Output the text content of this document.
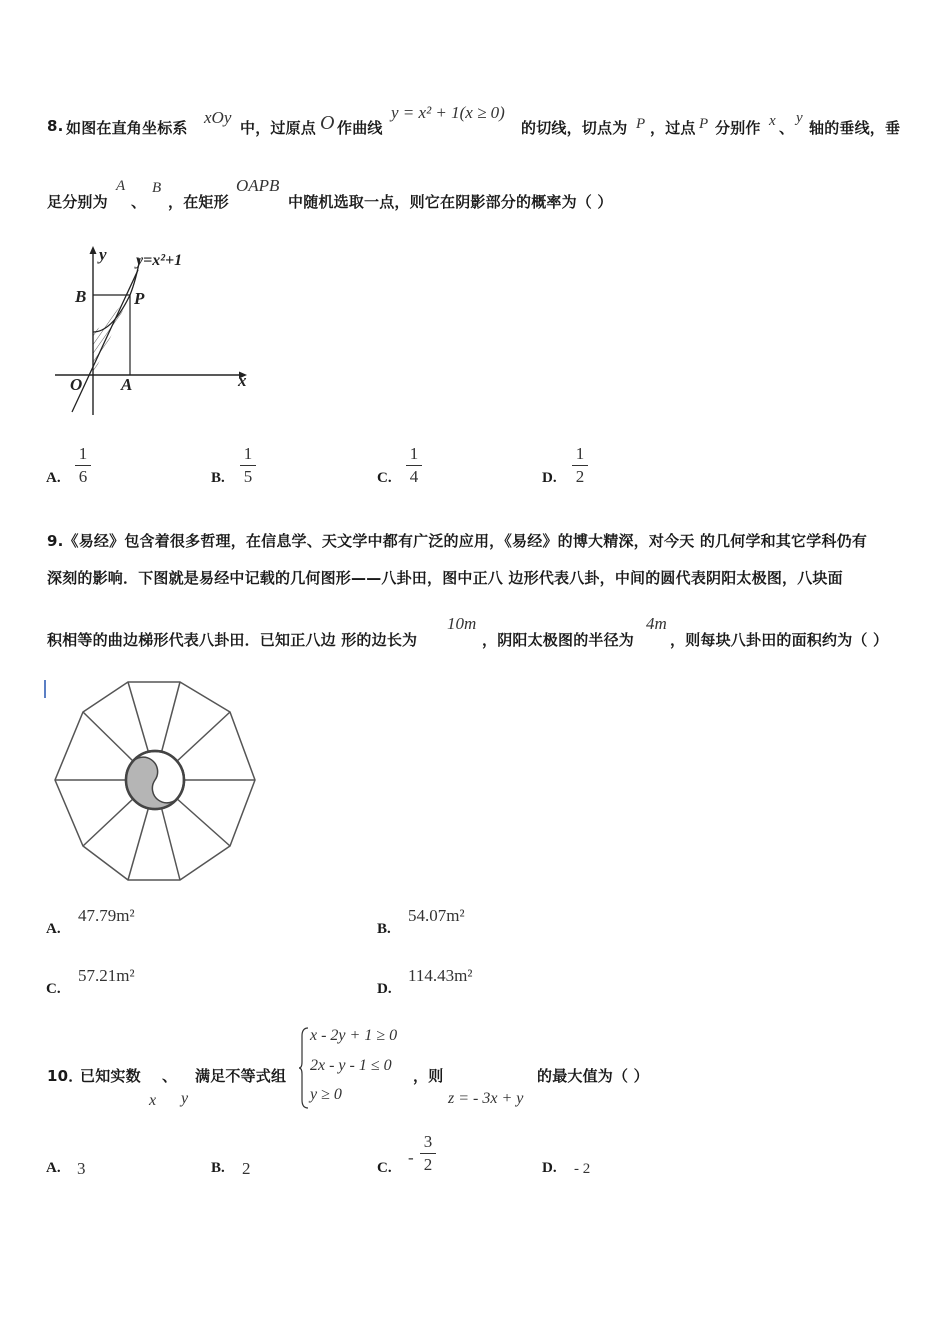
8. 如图在直角坐标系
xOy
中，过原点 O 作曲线
y = x² + 1(x ≥ 0)
的切线，切点为 P ，过点 P 分别作 x 、
y
轴的垂线，垂
足分别为
A
、
B
，在矩形
OAPB
中随机选取一点，则它在阴影部分的概率为（ ）
y y=x²+1
B	P
O A	x
A.
1
6	B.
1
5	C.
1
4	D.
1
2
9.《易经》包含着很多哲理，在信息学、天文学中都有广泛的应用，《易经》的博大精深，对今天 的几何学和其它学科仍有
深刻的影响．下图就是易经中记载的几何图形——八卦田，图中正八 边形代表八卦，中间的圆代表阴阳太极图，八块面
积相等的曲边梯形代表八卦田．已知正八边 形的边长为
10m
，阴阳太极图的半径为
4m
，则每块八卦田的面积约为（ ）
A.
47.79m²
B.
54.07m²
C.
57.21m²
D.
114.43m²
10．
已知实数 、 满足不等式组
x y
x - 2y + 1 ≥ 0
2x - y - 1 ≤ 0
y ≥ 0
，则
z = - 3x + y
的最大值为（ ）
A. 3	B. 2	C.
-
3
2	D. - 2
